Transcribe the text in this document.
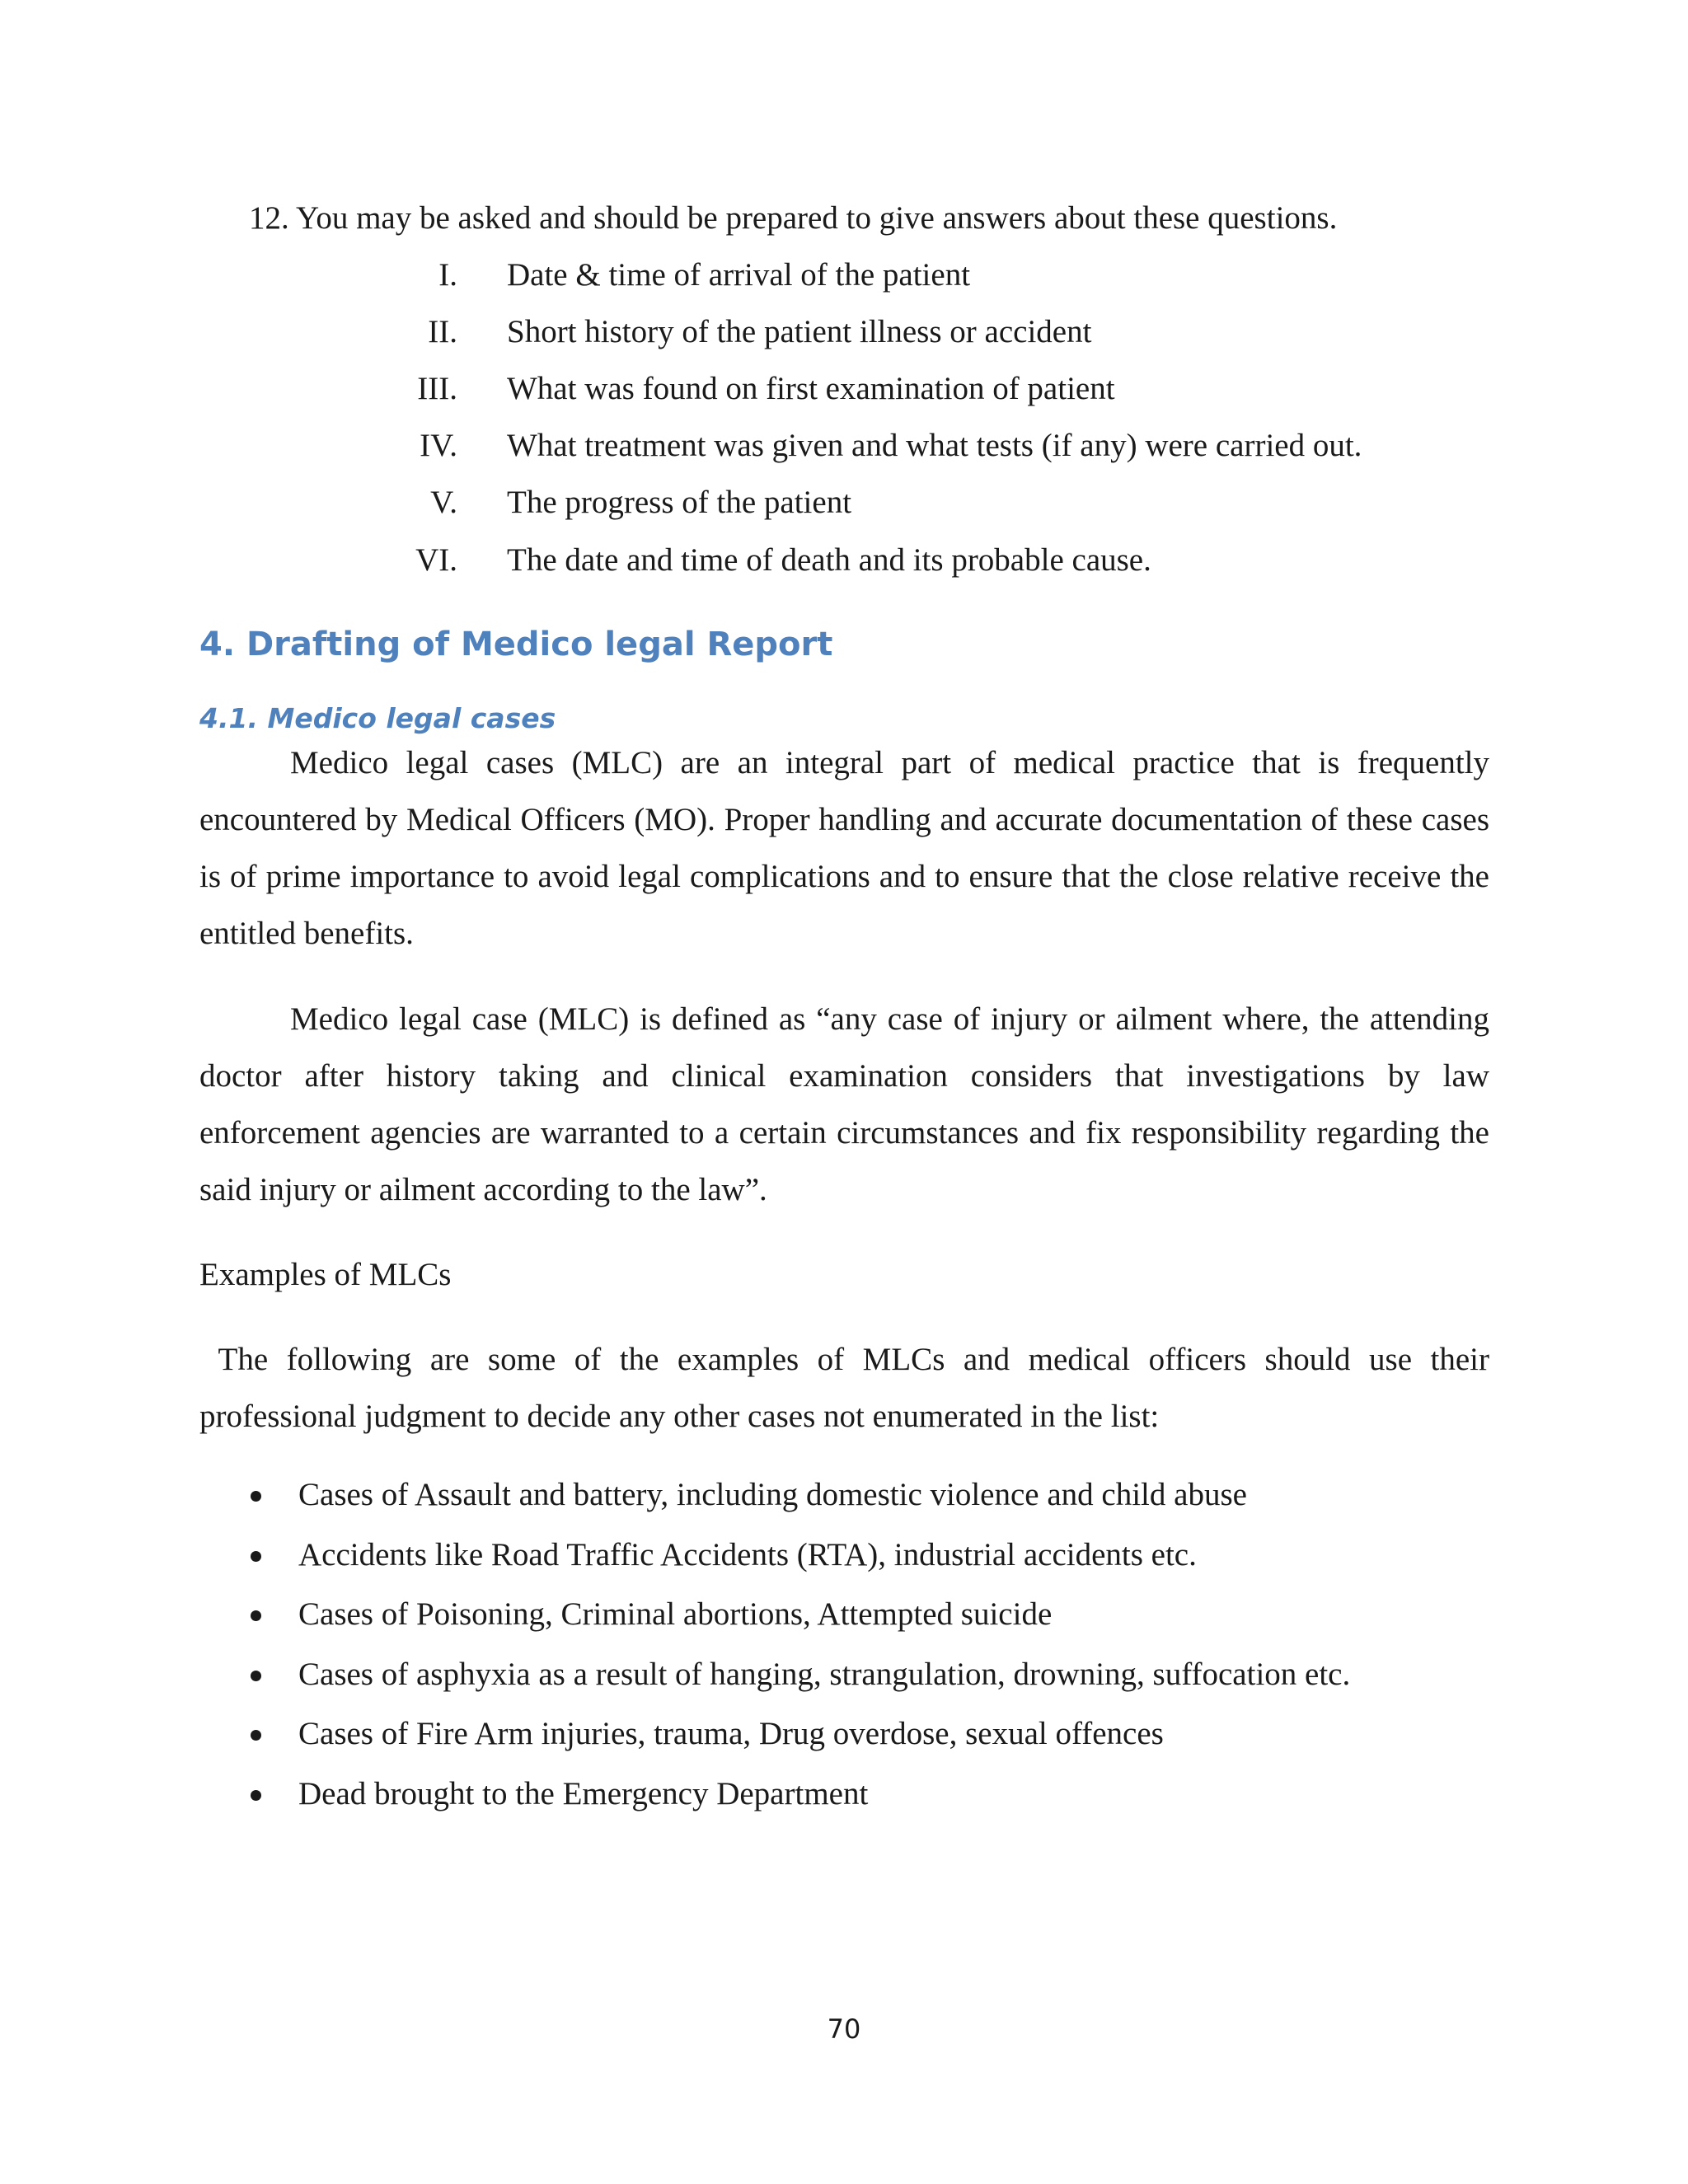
12. You may be asked and should be prepared to give answers about these questions.
I. Date & time of arrival of the patient
II. Short history of the patient illness or accident
III. What was found on first examination of patient
IV. What treatment was given and what tests (if any) were carried out.
V. The progress of the patient
VI. The date and time of death and its probable cause.
4. Drafting of Medico legal Report
4.1. Medico legal cases
Medico legal cases (MLC) are an integral part of medical practice that is frequently encountered by Medical Officers (MO). Proper handling and accurate documentation of these cases is of prime importance to avoid legal complications and to ensure that the close relative receive the entitled benefits.
Medico legal case (MLC) is defined as “any case of injury or ailment where, the attending doctor after history taking and clinical examination considers that investigations by law enforcement agencies are warranted to a certain circumstances and fix responsibility regarding the said injury or ailment according to the law”.
Examples of MLCs
The following are some of the examples of MLCs and medical officers should use their professional judgment to decide any other cases not enumerated in the list:
Cases of Assault and battery, including domestic violence and child abuse
Accidents like Road Traffic Accidents (RTA), industrial accidents etc.
Cases of Poisoning, Criminal abortions, Attempted suicide
Cases of asphyxia as a result of hanging, strangulation, drowning, suffocation etc.
Cases of Fire Arm injuries, trauma, Drug overdose, sexual offences
Dead brought to the Emergency Department
70
